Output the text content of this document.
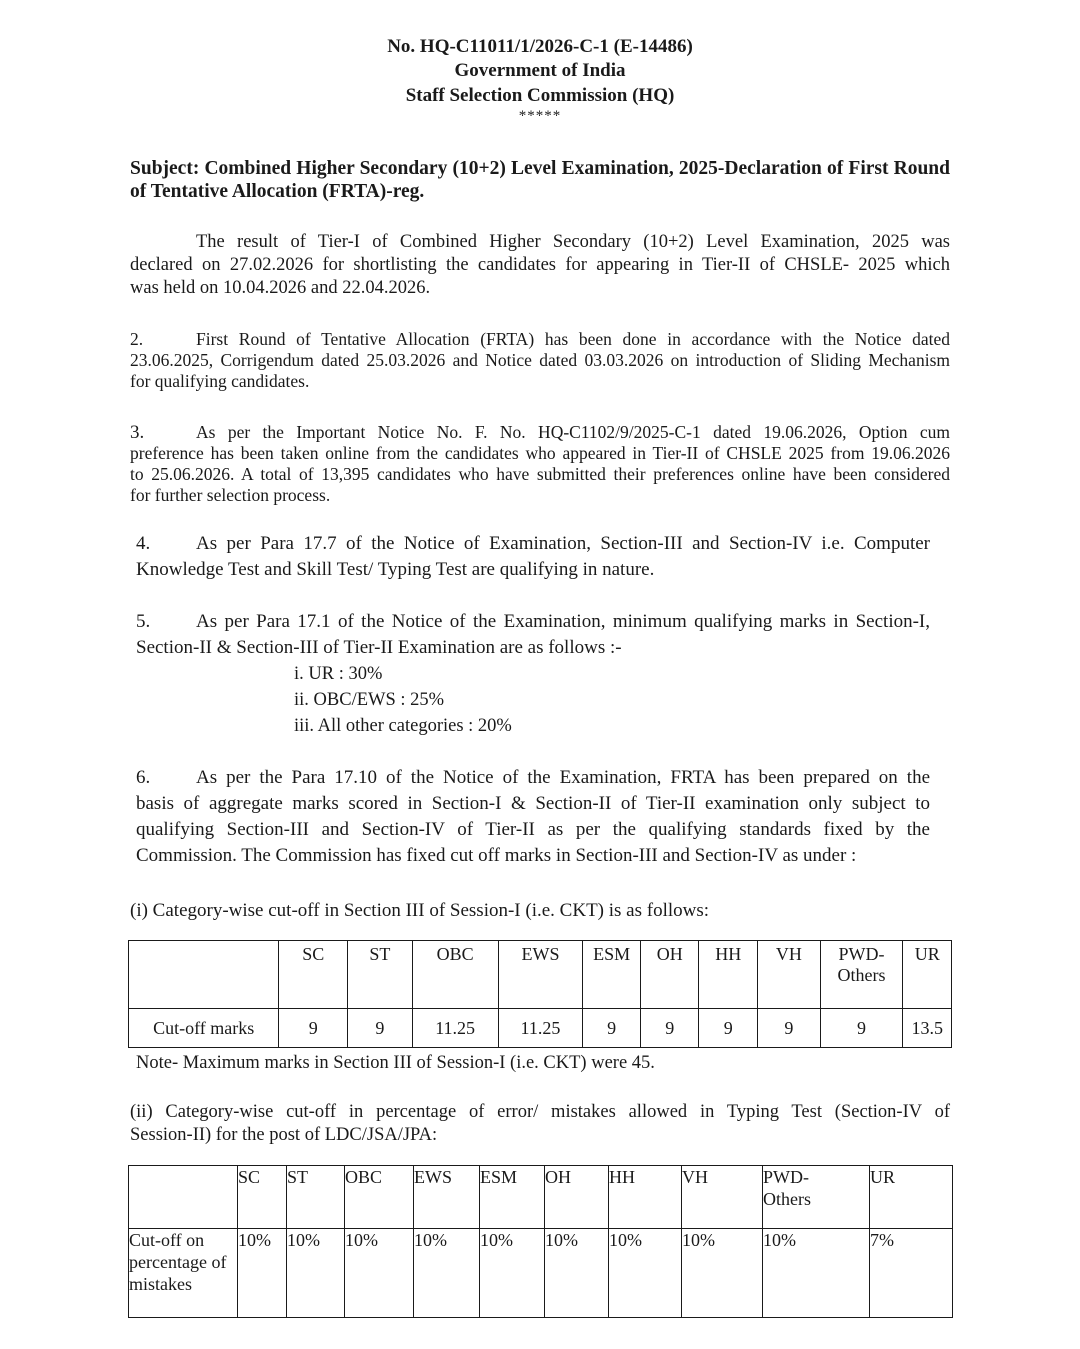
No. HQ-C11011/1/2026-C-1 (E-14486)
Government of India
Staff Selection Commission (HQ)
*****
Subject: Combined Higher Secondary (10+2) Level Examination, 2025-Declaration of First Round of Tentative Allocation (FRTA)-reg.
The result of Tier-I of Combined Higher Secondary (10+2) Level Examination, 2025 was
declared on 27.02.2026 for shortlisting the candidates for appearing in Tier-II of CHSLE- 2025 which
was held on 10.04.2026 and 22.04.2026.
2.	First Round of Tentative Allocation (FRTA) has been done in accordance with the Notice dated
23.06.2025, Corrigendum dated 25.03.2026 and Notice dated 03.03.2026 on introduction of Sliding Mechanism
for qualifying candidates.
3.	As per the Important Notice No. F. No. HQ-C1102/9/2025-C-1 dated 19.06.2026, Option cum
preference has been taken online from the candidates who appeared in Tier-II of CHSLE 2025 from 19.06.2026
to 25.06.2026. A total of 13,395 candidates who have submitted their preferences online have been considered
for further selection process.
4.	As per Para 17.7 of the Notice of Examination, Section-III and Section-IV i.e. Computer
Knowledge Test and Skill Test/ Typing Test are qualifying in nature.
5.	As per Para 17.1 of the Notice of the Examination, minimum qualifying marks in Section-I,
Section-II & Section-III of Tier-II Examination are as follows :-
i. UR : 30%
ii. OBC/EWS : 25%
iii. All other categories : 20%
6.	As per the Para 17.10 of the Notice of the Examination, FRTA has been prepared on the
basis of aggregate marks scored in Section-I & Section-II of Tier-II examination only subject to
qualifying Section-III and Section-IV of Tier-II as per the qualifying standards fixed by the
Commission. The Commission has fixed cut off marks in Section-III and Section-IV as under :
(i) Category-wise cut-off in Section III of Session-I (i.e. CKT) is as follows:
	SC	ST	OBC	EWS	ESM	OH	HH	VH	PWD-Others	UR
Cut-off marks	9	9	11.25	11.25	9	9	9	9	9	13.5
Note- Maximum marks in Section III of Session-I (i.e. CKT) were 45.
(ii) Category-wise cut-off in percentage of error/ mistakes allowed in Typing Test (Section-IV of
Session-II) for the post of LDC/JSA/JPA:
	SC	ST	OBC	EWS	ESM	OH	HH	VH	PWD-Others	UR
Cut-off on percentage of mistakes	10%	10%	10%	10%	10%	10%	10%	10%	10%	7%
